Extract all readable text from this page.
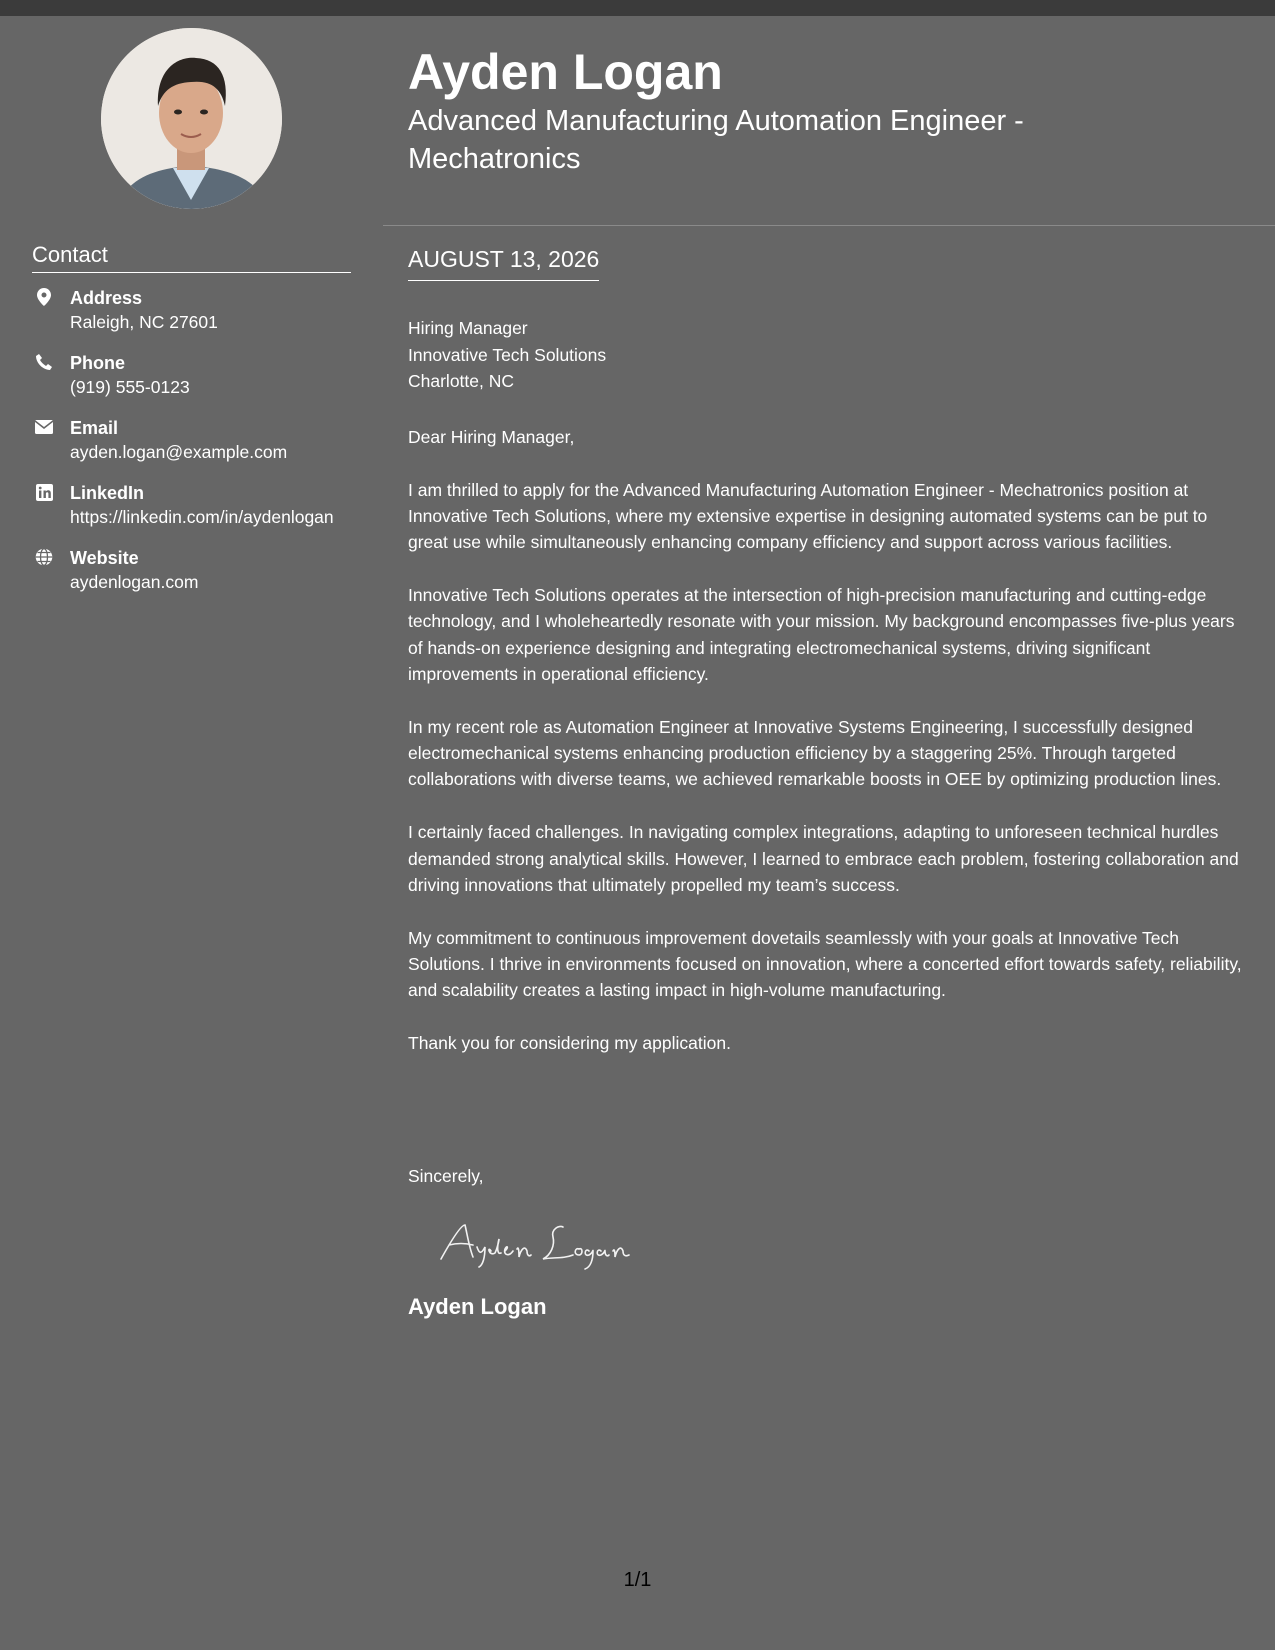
Contact
Address
Raleigh, NC 27601
Phone
(919) 555-0123
Email
ayden.logan@example.com
LinkedIn
https://linkedin.com/in/aydenlogan
Website
aydenlogan.com
Ayden Logan
Advanced Manufacturing Automation Engineer - Mechatronics
AUGUST 13, 2026
Hiring Manager
Innovative Tech Solutions
Charlotte, NC

Dear Hiring Manager,

I am thrilled to apply for the Advanced Manufacturing Automation Engineer - Mechatronics position at Innovative Tech Solutions, where my extensive expertise in designing automated systems can be put to great use while simultaneously enhancing company efficiency and support across various facilities.

Innovative Tech Solutions operates at the intersection of high-precision manufacturing and cutting-edge technology, and I wholeheartedly resonate with your mission. My background encompasses five-plus years of hands-on experience designing and integrating electromechanical systems, driving significant improvements in operational efficiency.

In my recent role as Automation Engineer at Innovative Systems Engineering, I successfully designed electromechanical systems enhancing production efficiency by a staggering 25%. Through targeted collaborations with diverse teams, we achieved remarkable boosts in OEE by optimizing production lines.

I certainly faced challenges. In navigating complex integrations, adapting to unforeseen technical hurdles demanded strong analytical skills. However, I learned to embrace each problem, fostering collaboration and driving innovations that ultimately propelled my team’s success.

My commitment to continuous improvement dovetails seamlessly with your goals at Innovative Tech Solutions. I thrive in environments focused on innovation, where a concerted effort towards safety, reliability, and scalability creates a lasting impact in high-volume manufacturing.

Thank you for considering my application.

Sincerely,
Ayden Logan
1/1
